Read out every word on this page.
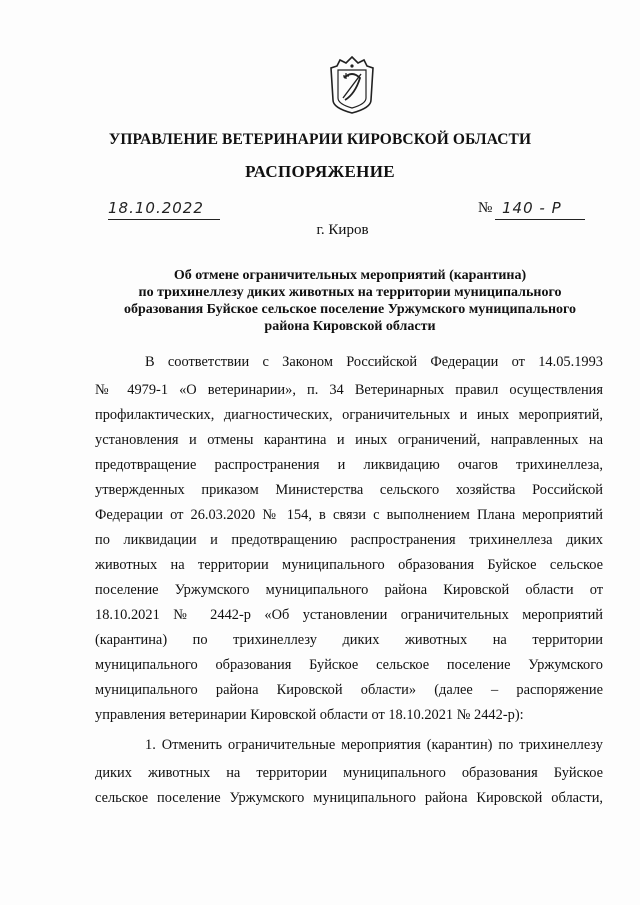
УПРАВЛЕНИЕ ВЕТЕРИНАРИИ КИРОВСКОЙ ОБЛАСТИ
РАСПОРЯЖЕНИЕ
18.10.2022	№ 140 - Р
г. Киров
Об отмене ограничительных мероприятий (карантина)
по трихинеллезу диких животных на территории муниципального
образования Буйское сельское поселение Уржумского муниципального
района Кировской области
В соответствии с Законом Российской Федерации от 14.05.1993
№ 4979-1 «О ветеринарии», п. 34 Ветеринарных правил осуществления
профилактических, диагностических, ограничительных и иных мероприятий,
установления и отмены карантина и иных ограничений, направленных на
предотвращение распространения и ликвидацию очагов трихинеллеза,
утвержденных приказом Министерства сельского хозяйства Российской
Федерации от 26.03.2020 № 154, в связи с выполнением Плана мероприятий
по ликвидации и предотвращению распространения трихинеллеза диких
животных на территории муниципального образования Буйское сельское
поселение Уржумского муниципального района Кировской области от
18.10.2021 № 2442-р «Об установлении ограничительных мероприятий
(карантина) по трихинеллезу диких животных на территории
муниципального образования Буйское сельское поселение Уржумского
муниципального района Кировской области» (далее – распоряжение
управления ветеринарии Кировской области от 18.10.2021 № 2442-р):
1. Отменить ограничительные мероприятия (карантин) по трихинеллезу
диких животных на территории муниципального образования Буйское
сельское поселение Уржумского муниципального района Кировской области,
